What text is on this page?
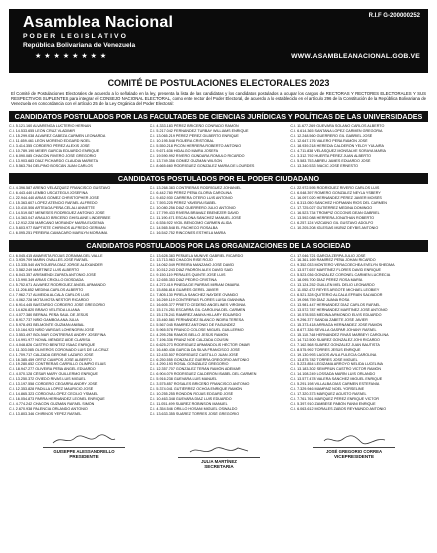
Asamblea Nacional
PODER LEGISLATIVO
República Bolivariana de Venezuela
★★★★★★★★
R.I.F G-200000252
WWW.ASAMBLEANACIONAL.GOB.VE
COMITÉ DE POSTULACIONES ELECTORALES 2023
El Comité de Postulaciones Electorales de acuerdo a lo señalado en la ley, presenta la lista de las candidatas y los candidatos postulados a ocupar los cargos de RECTORAS Y RECTORES ELECTORALES Y SUS RESPECTIVOS SUPLENTES para integrar el CONSEJO NACIONAL ELECTORAL, como ente rector del Poder Electoral, de acuerdo a lo establecido en el artículo 296 de la Constitución de la República Bolivariana de Venezuela en concordancia con el artículo 25 de la Ley Orgánica del Poder Electoral:
CANDIDATOS POSTULADOS POR LAS FACULTADES DE CIENCIAS JURÍDICAS Y POLÍTICAS DE LAS UNIVERSIDADES
C.I. 5.121.160 ALVARENGA LUCTERIO HERNAN
C.I. 14.533.655 LEÓN CRUZ VLADIMIR
C.I. 15.299.038 ÁLVAREZ CABEZA CARMEN LEONARDA
C.I. 11.659.461 LEÓN MORENO EDGARD NOEL
C.I. 3.414.355 CORDERO PÉREZ ALEXIS JOSÉ
C.I. 10.789.190 MEIER GARCÍA EDUARDO ENRIQUE
C.I. 6.090.085 CHACÓN RIVERO JOSÉ GREGORIO
C.I. 13.903.683 DÍAZ PICHARDO CLAUDIA MARIETA
C.I. 5.563.754 DELPINO BOSCÁN JUAN CARLOS
C.I. 4.333.183 PÉREZ BRICEÑO CONRADO RAMÓN
C.I. 5.217.042 FERNÁNDEZ TURBAY WILLIAMS ENRIQUE
C.I. 13.065.219 PÉREZ PÉREZ GILBERTO ENRIQUE
C.I. 10.195.548 FIGUERA CRISTÓBAL
C.I. 5.550.218 PICÓN HERRERA ROBERTO ANTONIO
C.I. 9.671.636 HIDALGO MAIRA JOSEFA
C.I. 19.590.992 RIVERO GÚNDARA ROMULO RICARDO
C.I. 13.749.356 GÓMEZ GUZMÁN WILSON
C.I. 8.665.660 RODRÍGUEZ GONZÁLEZ MARÍA DE LOURDES
C.I. 11.677.269 GUEVARA SOLANO CARLOS ALBERTO
C.I. 6.614.365 SANTANA LOPEZ CARMEN GREGORIA
C.I. 12.248.560 GUERRERO GIL GABRIEL JOSÉ
C.I. 12.647.176 VALERO PEÑA RAMÓN JOSÉ
C.I. 18.939.218 HEREDIA CALDERÓN YELDY YULAIRA
C.I. 4.711.838 VELÁSQUEZ MONSALVE SORAYA MARÍA
C.I. 3.312.792 HUERTA PÉREZ JUAN ALBERTO
C.I. 5.583.753 ABREU JAMES EDUARDO JOSÉ
C.I. 13.340.533 IVACIC JOSÉ ERNESTO
CANDIDATOS POSTULADOS POR EL PODER CIUDADANO
C.I. 4.396.587 ARENO VELÁZQUEZ FRANCISCO GUSTAVO
C.I. 6.443.440 LEMBO USCÁTEGUI JOSEFINA
C.I. 22.944.440 ARIAS GÓMEZ CHRISTOPHER JOSÉ
C.I. 15.363.607 LÓPEZ ATENCIO RAFAEL ALFREDO
C.I. 10.410.506 ARTEAGA PEÑA CELALI ANNETTE
C.I. 14.519.087 MENESES RODRÍGUEZ ANTONIO JOSÉ
C.I. 14.363.047 ARAUJO BRICEÑO GHISLAINE LINDERBEE
C.I. 12.912.228 MARCANO MORANDY MARÍA EUGENIA
C.I. 5.603.977 BAPTISTE CHIRINOS ALFREDO GERMÁN
C.I. 6.095.251 PEREIRA CAMACARO MARILYN MORAIMA
C.I. 13.268.383 CONTRERAS RODRÍGUEZ JOHANIEL
C.I. 6.442.780 PÉREZ PEÑA GLORIA CAROLINA
C.I. 9.452.930 CARRERA OTERO LUIS ANTONIO
C.I. 7.593.225 PÉREZ YAVEIRA ISABEL
C.I. 10.080.256 DÍAZ GUERRERO JULIO ANTONIO
C.I. 17.799.433 RIVERA BRAVAIZ EBENEZER DAVID
C.I. 11.190.471 ESCALONA SÁNCHEZ MANUEL JOSÉ
C.I. 6.536.922 VIGIL BENCOMO CARMEN ALIDA
C.I. 14.565.548 EL PACHECO ROSALBA
C.I. 16.542.752 RINCONES ESTHELA MARÍA
C.I. 22.972.595 RODRÍGUEZ RIVERO CARLOS LUIS
C.I. 6.048.397 ROMERO GONZÁLEZ NEYLA YSBERY
C.I. 16.097.020 HERNÁNDEZ PÉREZ JAVIER MOISÉS
C.I. 6.313.050 SÁNCHEZ HOFMANN RÍOS DEL CARMEN
C.I. 17.725.027 GUTIÉRREZ MEDINA DOMINGO
C.I. 16.523.734 TROMPIZ OCCONIS DEAN GABRIEL
C.I. 13.592.088 HERRERA JONATHAN ROBERTO
C.I. 6.257.124 VIZCAÍNO GIL GUSTAVO ADOLFO
C.I. 10.205.208 IGLESIAS MÚÑIZ DEYBIS ANTONIO
CANDIDATOS POSTULADOS POR LAS ORGANIZACIONES DE LA SOCIEDAD
C.I. 6.045.415 AMARISTA ROJAS ZORAIMA DEL VALLE
C.I. 3.939.709 MARIN OVALLES JOSÉ RAFAEL
C.I. 13.335.540 ANTIGUERA DÍAZ JORGE ALEXANDER
C.I. 3.582.249 MARTÍNEZ LUIS ALBERTO
C.I. 6.043.357 ARISMENDI ZAPATA ANTONIO JOSÉ
C.I. 13.990.349 ARIAS CRIOLLO DIOSDADA
C.I. 5.752.671 ÁLVAREZ RODRÍGUEZ ÁNGEL ARMANDO
C.I. 11.206.852 MEDINA CARLOS ALBERTO
C.I. 7.962.717 ALMEIDA ALCALÁ CARLOS LUIS
C.I. 4.062.728 MOTA MOTA NÉSTOR RICARDO
C.I. 6.914.445 BASTARDO CORDERO JOSÉ GREGORIO
C.I. 14.626.820 BRAVO VELÍTIDA LILIANA
C.I. 4.077.380 BERNAL PEÑA SAUL DE JESÚS
C.I. 8.917.737 NIÑO GAMBOA ANA JULIA
C.I. 5.978.493 BELMONTE GUZMÁN ANIBAL
C.I. 10.164.923 NIÑO VARGAS LOHENGRIN JOSÉ
C.I. 3.553.497 BOLÍVAR CONTRERAS ANDRY JOSEFINA
C.I. 14.991.977 NOVAL MÉNDEZ AIDE CLARISA
C.I. 4.048.826 CASTRO BENITEZ ISAAC ENRIQUE
C.I. 11.303.085 OLIVEROS CORONADO LUIS DE LA CRUZ
C.I. 1.709.717 CALZADA GERONE LAZARO JOSÉ
C.I. 16.385.459 ORTIZ CAMPOS JOSÉ ALBERTO
C.I. 19.280.652 CONTRERAS CARRILLO OLIMPIO ELIAS
C.I. 18.947.277 OLIVEIRA PEÑA ÁNGEL EDUARDO
C.I. 4.070.128 CÉSAR MARY GUILLERMO ENRIQUE
C.I. 13.250.372 OVIEDO RIVAS LUIS MIGUEL
C.I. 13.197.558 CORDERO CEGARRA ANDRY JOSÉ
C.I. 12.353.828 PADILLA LÓPEZ MAURICIO JOSÉ
C.I. 14.865.323 CÓRDOVA LÓPEZ CECILIO YSMAEL
C.I. 16.054.873 PARRA HERNÁNDEZ LEONEL ENRIQUE
C.I. 4.774.242 CHACÓN GUZMÁN RAFAEL SIMÓN
C.I. 2.670.938 PALENCIA ORLANDO ANTONIO
C.I. 13.803.346 CHIRINOS YEPEZ RAFAEL
C.I. 13.628.383 PEÑUELA MUNIVE GABRIEL RICARDO
C.I. 13.713.963 CHACÓN RISE ROJO
C.I. 14.062.049 PEREIRA MANZANO JOSÉ DAVID
C.I. 10.512.243 DÍAZ PADRÓN ALEX DAVID SAID
C.I. 9.150.119 PERALES QUINTE JOSÉ LUIS
C.I. 12.655.353 DÍAZ PEDRO CRISTINA
C.I. 4.272.419 PINEDA DE PARRAS MIRIAM OMAIRA
C.I. 15.856.816 GUARES GEREL JAVIER
C.I. 7.805.130 PIRELA SANCHEZ NAYDEE OVANDO
C.I. 16.269.119 CONTRERAS FLORES LUISA GIANNINA
C.I. 16.605.377 PRIETO CEDEÑO ANGELINES VIRGINIA
C.I. 15.174.251 ESCARRÁ GIL CAROLINA DEL CARMEN
C.I. 15.178.241 RAMÍREZ AMAYA HILLARY EDUARDO
C.I. 15.460.581 FERNÁNDEZ BLANCO INDIRA TERESA
C.I. 5.567.045 RAMÍREZ ANTONIO DE FAGUNDEZ
C.I. 5.965.578 FRANCO COLOSE MIGUEL GUILLERMO
C.I. 4.295.256 RAMOS BELLO JESÚS RAMÓN
C.I. 7.196.336 FRANZ NOE CALZADA COUSIN
C.I. 6.625.273 RODRÍGUEZ ARMÁNDOLIS HÉCTOR OMAR
C.I. 16.480.436 GARCÍA DA SILVA FRANCISCO JOSÉ
C.I. 12.433.507 RODRÍGUEZ CASTILLO JUAN JOSÉ
C.I. 6.250.555 GONZÁLEZ GUERRA GREGORIO ANTONIO
C.I. 4.290.193 ROSAL GONZÁLEZ GREGORIO
C.I. 12.357.707 GONZÁLEZ TERÁN RAMÓN ADEMAR
C.I. 6.904.079 RODRÍGUEZ CALDERÓN ISABEL DEL CARMEN
C.I. 5.916.238 GUEVARA LUIS MANUEL
C.I. 3.575.857 ROSALES BRICEÑO FRANCISCO ANTONIO
C.I. 5.374.041 GUTIÉRREZ OCHOA ENRIQUE RAMÓN
C.I. 10.255.255 RONDÓN ROJAS EDGARD JOSÉ
C.I. 10.463.348 GUEVARA DÍAZ LUIS EDUARDO
C.I. 11.051.499 SUÁREZ ROBINSON MANUEL
C.I. 4.354.546 ORILLO HOSANI MIGUEL OSWALDO
C.I. 13.633.355 SUÁREZ TORRES JOSÉ GREGORIO
C.I. 17.046.721 GARCÍA ZERPA JULIO JOSÉ
C.I. 16.361.169 RAMÍREZ PEÑA JOHAN RICARDO
C.I. 9.352.033 MONTERO VERACOECHEA EVELYN SHEDMA
C.I. 13.577.657 MARTÍNEZ FLORES DAVID ENRIQUE
C.I. 5.523.036 GONZÁLEZ CORONEL CARMEN LUCRECIA
C.I. 18.095.700 DÍAZ PÉREZ ROSA MARÍA
C.I. 13.124.252 GUILLÉN MEL DELIO LEONARDO
C.I. 11.052.472 REYES ARGOTE MICHAEL LEOBIEY
C.I. 6.521.328 QUITERIO ALCALÁ EFRAÍN SALVADOR
C.I. 19.098.759 DÍAZ JUANA ROSA
C.I. 13.981.447 HERNÁNDEZ DÍAZ CARLOS RAFAEL
C.I. 13.572.787 HERNÁNDEZ MARTÍNEZ JOSÉ ANTONIO
C.I. 10.578.553 MEDINA ARMONDO ELVIS EDUARDO
C.I. 9.296.377 SANDIA ZABETE JOSÉ JAVIER
C.I. 15.373.418 ARRIAGA HERNÁNDEZ JOSÉ RAMÓN
C.I. 8.677.336 SEVILLA GASPAR JOHANY RAFAEL
C.I. 15.110.748 HERNÁNDEZ RIVAS MARBEYI CAROLINA
C.I. 14.712.500 SUÁREZ GONZÁLEZ JOHI RICARDO
C.I. 7.162.568 SUÁREZ GONZÁLEZ JUAN BAUTISTA
C.I. 8.575.992 TORRES JESÚS ENRIQUE
C.I. 19.130.993 LAGOS AVILA FULECIA CAROLINA
C.I. 13.875.782 TORRES JOSÉ MIGUEL
C.I. 5.223.854 LEGIZAMA ARROYO NELIDA LUCELINA
C.I. 13.183.302 SEMPRÚN CASTRO VÍCTOR RAMÓN
C.I. 14.108.249 LOSSADA MARÍN LUIS ORLANDO
C.I. 13.577.478 VALERA SÁNCHEZ MIGUEL ENRIQUE
C.I. 5.291.198 VILLALBA DÍAS CARMEN ESTEFANÍA
C.I. 7.329.946 MAMPAÍZ NOEL YORSELINE
C.I. 17.320.373 MÁRQUEZ AGUSTO RAFAEL
C.I. 7.761.761 MÁRQUEZ PÉREZ ENRIQUE VÍCTOR
C.I. 5.397.910 ZAMBESE PABÓN FANNI ENRIQUE
C.I. 6.063.612 MORALES ZABOS REYMUNDO ANTONIO
GUISEPPE ALESSANDRELLO
PRESIDENTE
JULIA MARTÍNEZ
SECRETARIA
JOSÉ GREGORIO CORREA
VICEPRESIDENTE
